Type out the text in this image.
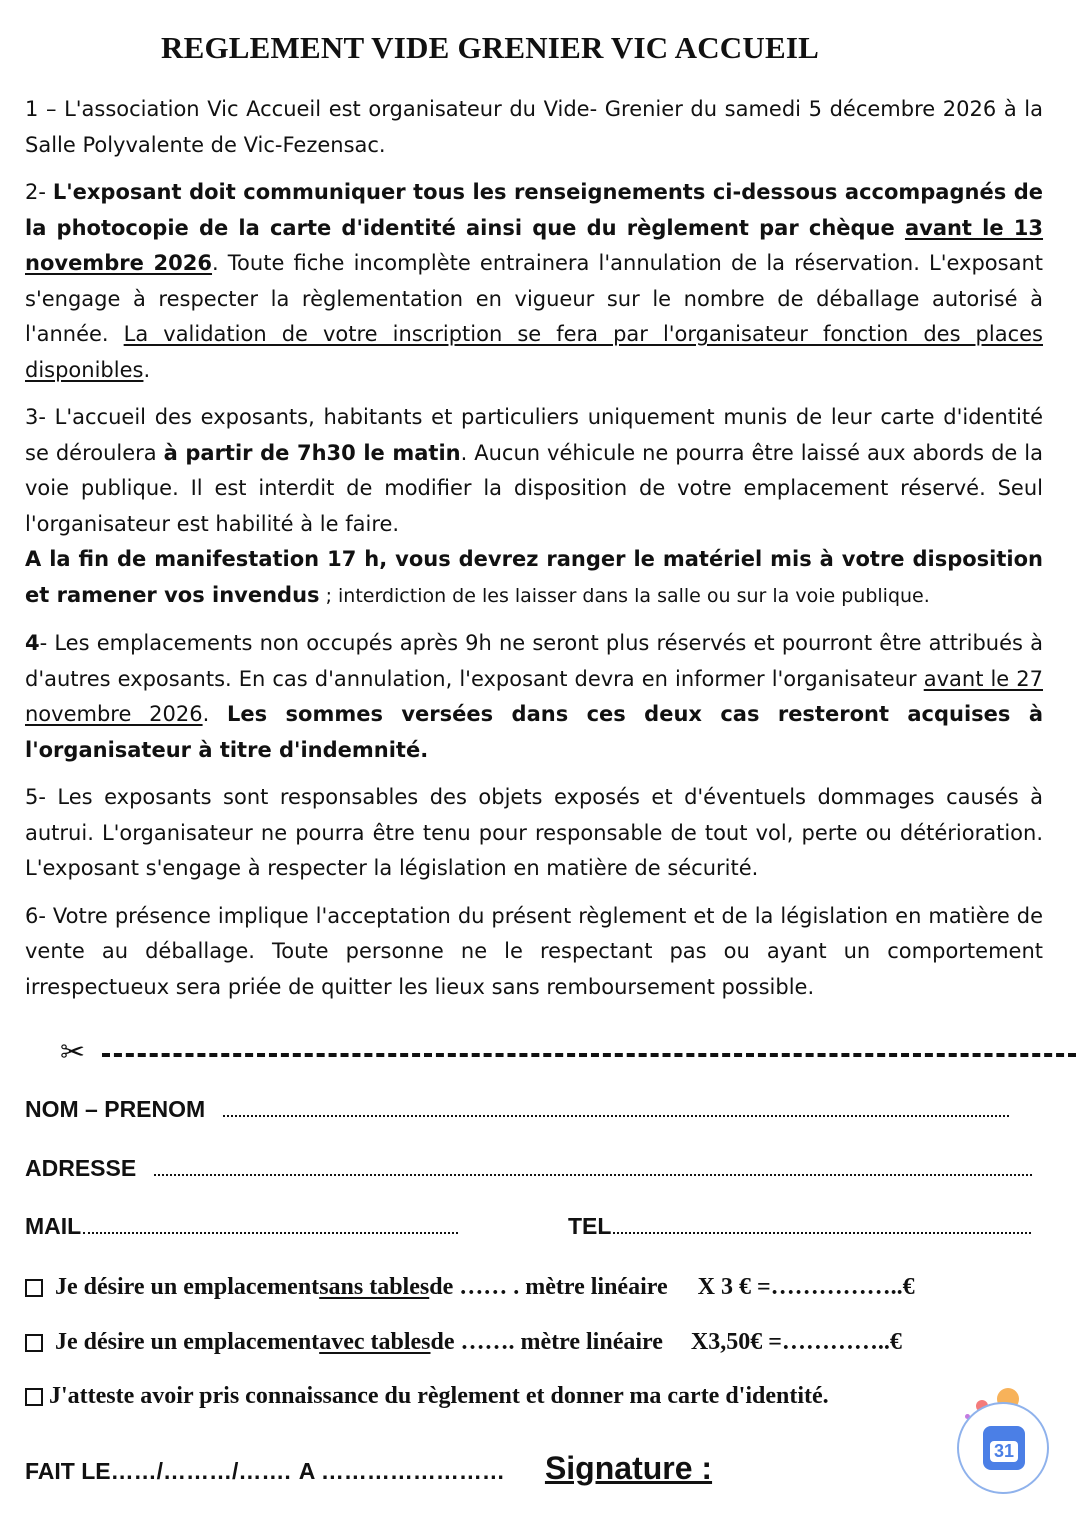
REGLEMENT VIDE GRENIER VIC ACCUEIL

1 – L'association Vic Accueil est organisateur du Vide- Grenier du samedi 5 décembre 2026 à la Salle Polyvalente de Vic-Fezensac.

2- L'exposant doit communiquer tous les renseignements ci-dessous accompagnés de la photocopie de la carte d'identité ainsi que du règlement par chèque avant le 13 novembre 2026. Toute fiche incomplète entrainera l'annulation de la réservation. L'exposant s'engage à respecter la règlementation en vigueur sur le nombre de déballage autorisé à l'année. La validation de votre inscription se fera par l'organisateur fonction des places disponibles.

3- L'accueil des exposants, habitants et particuliers uniquement munis de leur carte d'identité se déroulera à partir de 7h30 le matin. Aucun véhicule ne pourra être laissé aux abords de la voie publique. Il est interdit de modifier la disposition de votre emplacement réservé. Seul l'organisateur est habilité à le faire.
A la fin de manifestation 17 h, vous devrez ranger le matériel mis à votre disposition et ramener vos invendus ; interdiction de les laisser dans la salle ou sur la voie publique.

4- Les emplacements non occupés après 9h ne seront plus réservés et pourront être attribués à d'autres exposants. En cas d'annulation, l'exposant devra en informer l'organisateur avant le 27 novembre 2026. Les sommes versées dans ces deux cas resteront acquises à l'organisateur à titre d'indemnité.

5- Les exposants sont responsables des objets exposés et d'éventuels dommages causés à autrui. L'organisateur ne pourra être tenu pour responsable de tout vol, perte ou détérioration. L'exposant s'engage à respecter la législation en matière de sécurité.

6- Votre présence implique l'acceptation du présent règlement et de la législation en matière de vente au déballage. Toute personne ne le respectant pas ou ayant un comportement irrespectueux sera priée de quitter les lieux sans remboursement possible.

✂
NOM – PRENOM
ADRESSE
MAIL	TEL
Je désire un emplacement sans tables de …… . mètre linéaire X 3 € =……………..€
Je désire un emplacement avec tables de ……. mètre linéaire X3,50€ =…………..€
J'atteste avoir pris connaissance du règlement et donner ma carte d'identité.
FAIT LE……/………/……. A …………………… Signature :	31
